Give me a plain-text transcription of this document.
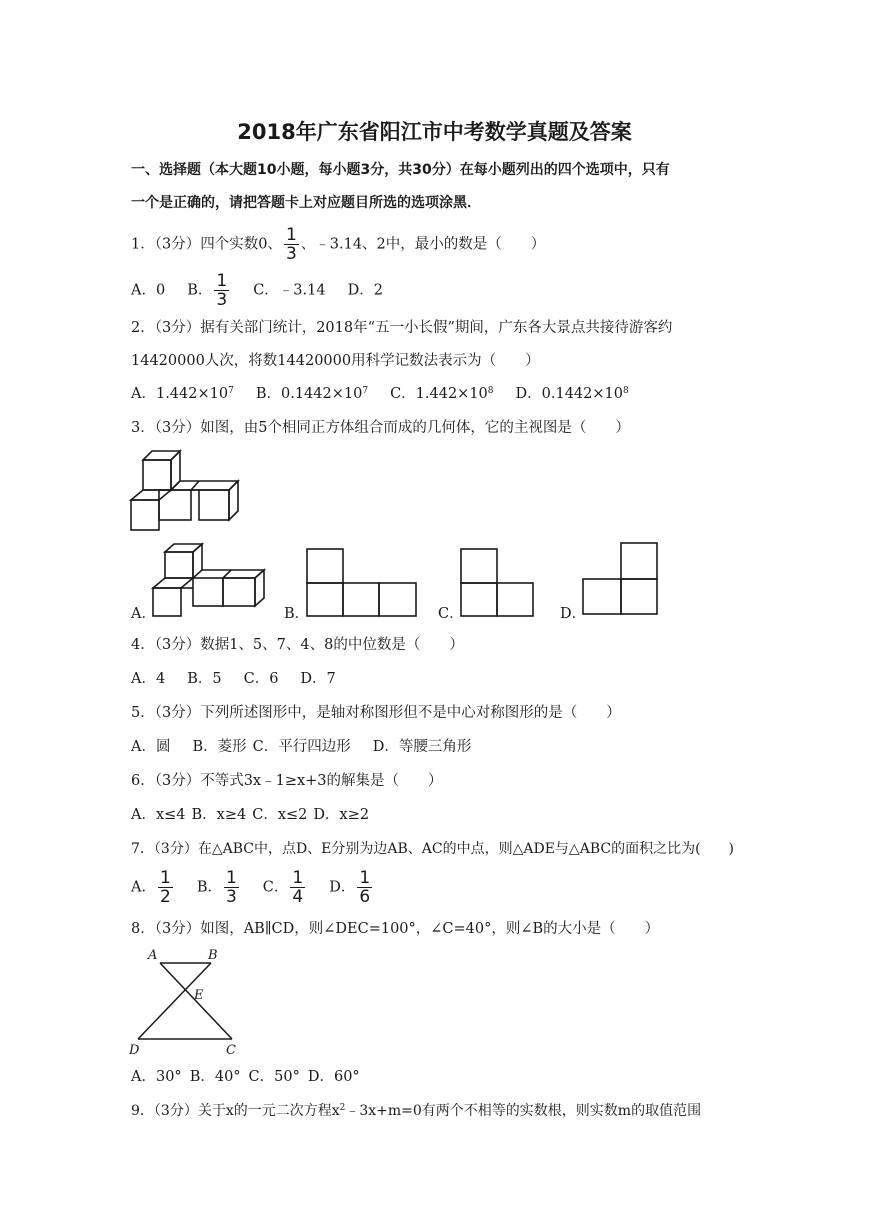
2018年广东省阳江市中考数学真题及答案
一、选择题（本大题10小题，每小题3分，共30分）在每小题列出的四个选项中，只有
一个是正确的，请把答题卡上对应题目所选的选项涂黑．
1．（3分）四个实数0、 $\frac{1}{3}$ 、﹣3.14、2中，最小的数是（　　）
A．0 B． $\frac{1}{3}$ C．﹣3.14 D．2
2．（3分）据有关部门统计，2018年“五一小长假”期间，广东各大景点共接待游客约
14420000人次，将数14420000用科学记数法表示为（　　）
A．$1.442\times 10^7$ B．$0.1442\times 10^7$ C．$1.442\times 10^8$ D．$0.1442\times 10^8$
3．（3分）如图，由5个相同正方体组合而成的几何体，它的主视图是（　　）
A．	B．	C．	D．
4．（3分）数据1、5、7、4、8的中位数是（　　）
A．4 B．5 C．6 D．7
5．（3分）下列所述图形中，是轴对称图形但不是中心对称图形的是（　　）
A．圆 B．菱形 C．平行四边形 D．等腰三角形
6．（3分）不等式3x﹣1≥x+3的解集是（　　）
A．x≤4 B．x≥4 C．x≤2 D．x≥2
7．（3分）在△ABC中，点D、E分别为边AB、AC的中点，则△ADE与△ABC的面积之比为(　　)
A． $\frac{1}{2}$ B． $\frac{1}{3}$ C． $\frac{1}{4}$ D． $\frac{1}{6}$
8．（3分）如图，AB∥CD，则∠DEC=100°，∠C=40°，则∠B的大小是（　　）
A	B
E
D	C
A．30° B．40° C．50° D．60°
9．（3分）关于x的一元二次方程$x^2﹣3x+m=0$有两个不相等的实数根，则实数m的取值范围
